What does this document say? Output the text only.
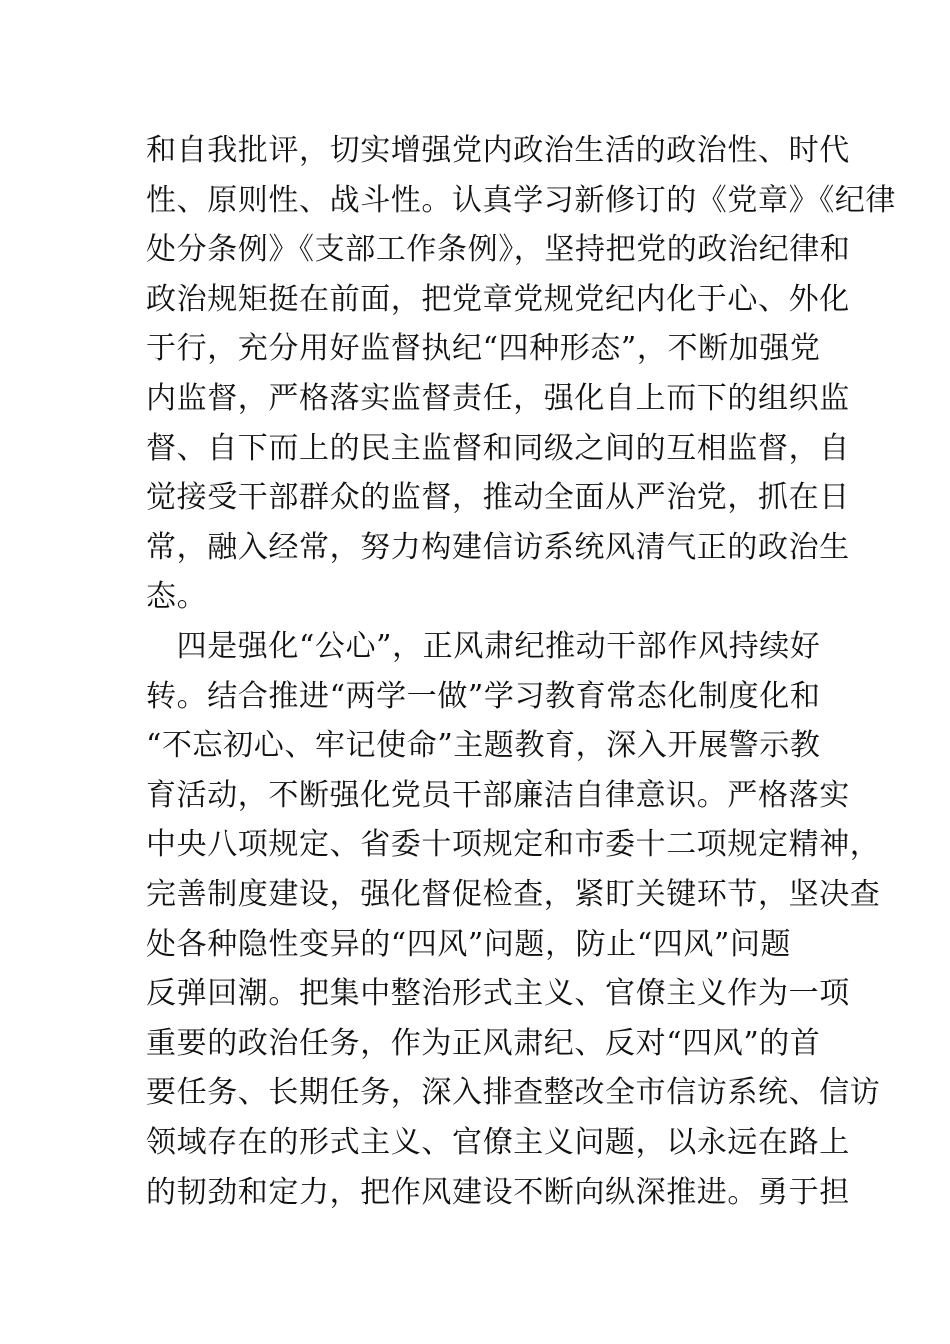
和自我批评，切实增强党内政治生活的政治性、时代
性、原则性、战斗性。认真学习新修订的《党章》《纪律
处分条例》《支部工作条例》，坚持把党的政治纪律和
政治规矩挺在前面，把党章党规党纪内化于心、外化
于行，充分用好监督执纪“四种形态”，不断加强党
内监督，严格落实监督责任，强化自上而下的组织监
督、自下而上的民主监督和同级之间的互相监督，自
觉接受干部群众的监督，推动全面从严治党，抓在日
常，融入经常，努力构建信访系统风清气正的政治生
态。
　四是强化“公心”，正风肃纪推动干部作风持续好
转。结合推进“两学一做”学习教育常态化制度化和
“不忘初心、牢记使命”主题教育，深入开展警示教
育活动，不断强化党员干部廉洁自律意识。严格落实
中央八项规定、省委十项规定和市委十二项规定精神，
完善制度建设，强化督促检查，紧盯关键环节，坚决查
处各种隐性变异的“四风”问题，防止“四风”问题
反弹回潮。把集中整治形式主义、官僚主义作为一项
重要的政治任务，作为正风肃纪、反对“四风”的首
要任务、长期任务，深入排查整改全市信访系统、信访
领域存在的形式主义、官僚主义问题，以永远在路上
的韧劲和定力，把作风建设不断向纵深推进。勇于担
